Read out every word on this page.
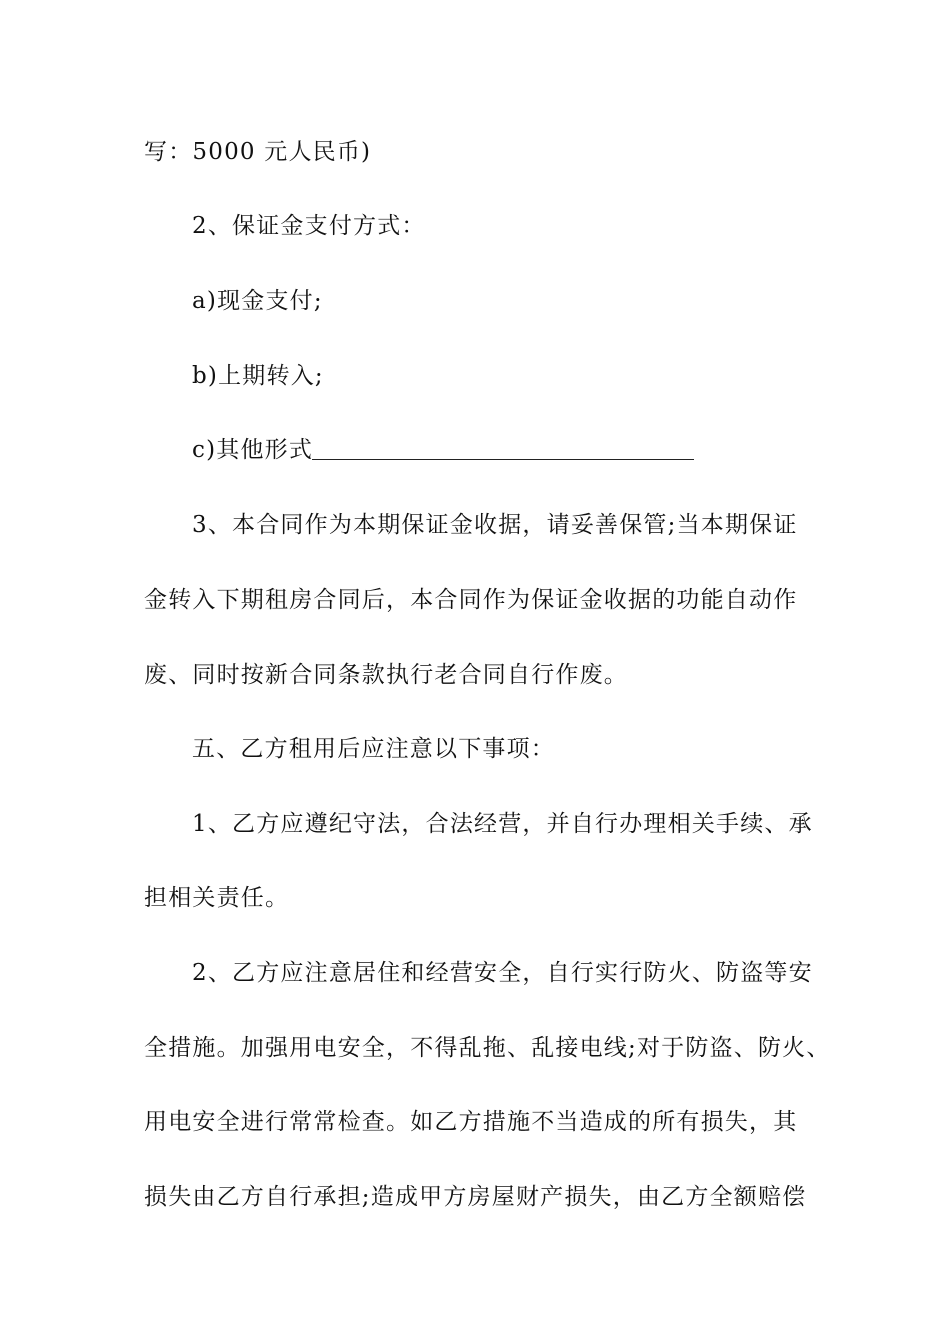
写：5000 元人民币)
2、保证金支付方式：
a)现金支付;
b)上期转入;
c)其他形式
3、本合同作为本期保证金收据，请妥善保管;当本期保证
金转入下期租房合同后，本合同作为保证金收据的功能自动作
废、同时按新合同条款执行老合同自行作废。
五、乙方租用后应注意以下事项：
1、乙方应遵纪守法，合法经营，并自行办理相关手续、承
担相关责任。
2、乙方应注意居住和经营安全，自行实行防火、防盗等安
全措施。加强用电安全，不得乱拖、乱接电线;对于防盗、防火、
用电安全进行常常检查。如乙方措施不当造成的所有损失，其
损失由乙方自行承担;造成甲方房屋财产损失，由乙方全额赔偿
